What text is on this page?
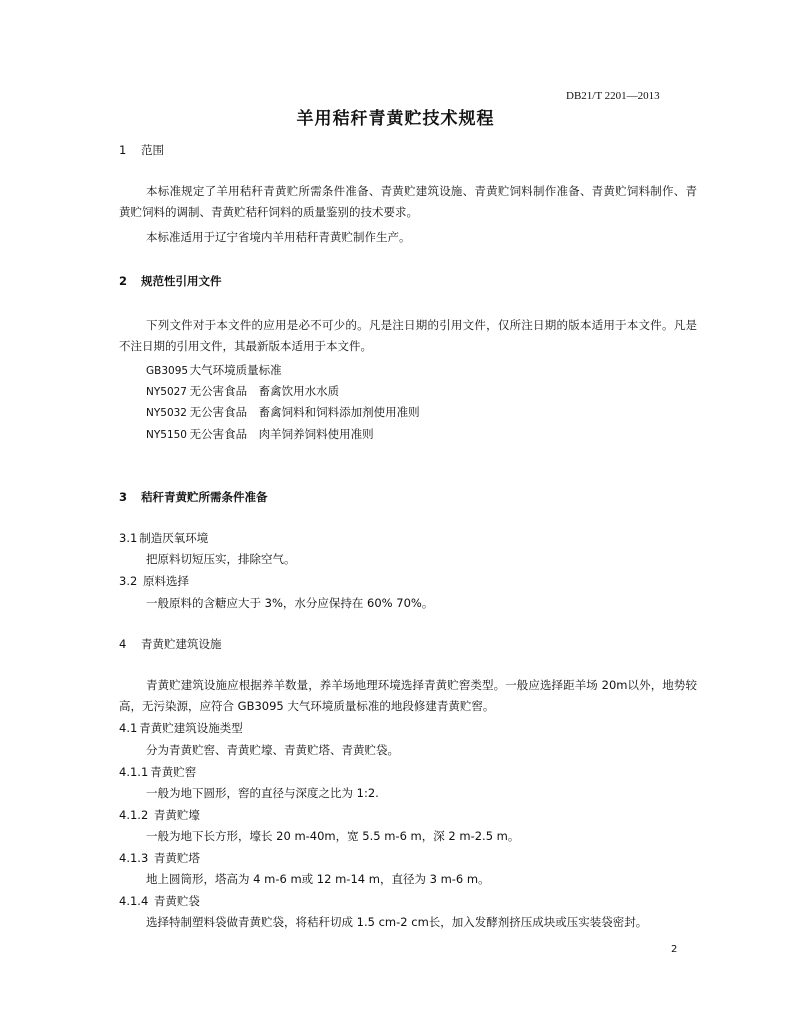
DB21/T 2201—2013
羊用秸秆青黄贮技术规程
1 范围

本标准规定了羊用秸秆青黄贮所需条件准备、青黄贮建筑设施、青黄贮饲料制作准备、青黄贮饲料制作、青黄贮饲料的调制、青黄贮秸秆饲料的质量鉴别的技术要求。

本标准适用于辽宁省境内羊用秸秆青黄贮制作生产。

2 规范性引用文件

下列文件对于本文件的应用是必不可少的。凡是注日期的引用文件，仅所注日期的版本适用于本文件。凡是不注日期的引用文件，其最新版本适用于本文件。

GB3095 大气环境质量标准
NY5027 无公害食品　畜禽饮用水水质
NY5032 无公害食品　畜禽饲料和饲料添加剂使用准则
NY5150 无公害食品　肉羊饲养饲料使用准则
3 秸秆青黄贮所需条件准备
3.1 制造厌氧环境
把原料切短压实，排除空气。
3.2 原料选择
一般原料的含糖应大于 3%，水分应保持在 60% 70%。
4 青黄贮建筑设施

青黄贮建筑设施应根据养羊数量，养羊场地理环境选择青黄贮窖类型。一般应选择距羊场 20m以外，地势较高，无污染源，应符合 GB3095 大气环境质量标准的地段修建青黄贮窖。

4.1 青黄贮建筑设施类型
分为青黄贮窖、青黄贮壕、青黄贮塔、青黄贮袋。
4.1.1 青黄贮窖
一般为地下圆形，窖的直径与深度之比为 1:2.
4.1.2 青黄贮壕
一般为地下长方形，壕长 20 m-40m，宽 5.5 m-6 m，深 2 m-2.5 m。
4.1.3 青黄贮塔
地上圆筒形，塔高为 4 m-6 m或 12 m-14 m，直径为 3 m-6 m。
4.1.4 青黄贮袋
选择特制塑料袋做青黄贮袋，将秸秆切成 1.5 cm-2 cm长，加入发酵剂挤压成块或压实装袋密封。
2
